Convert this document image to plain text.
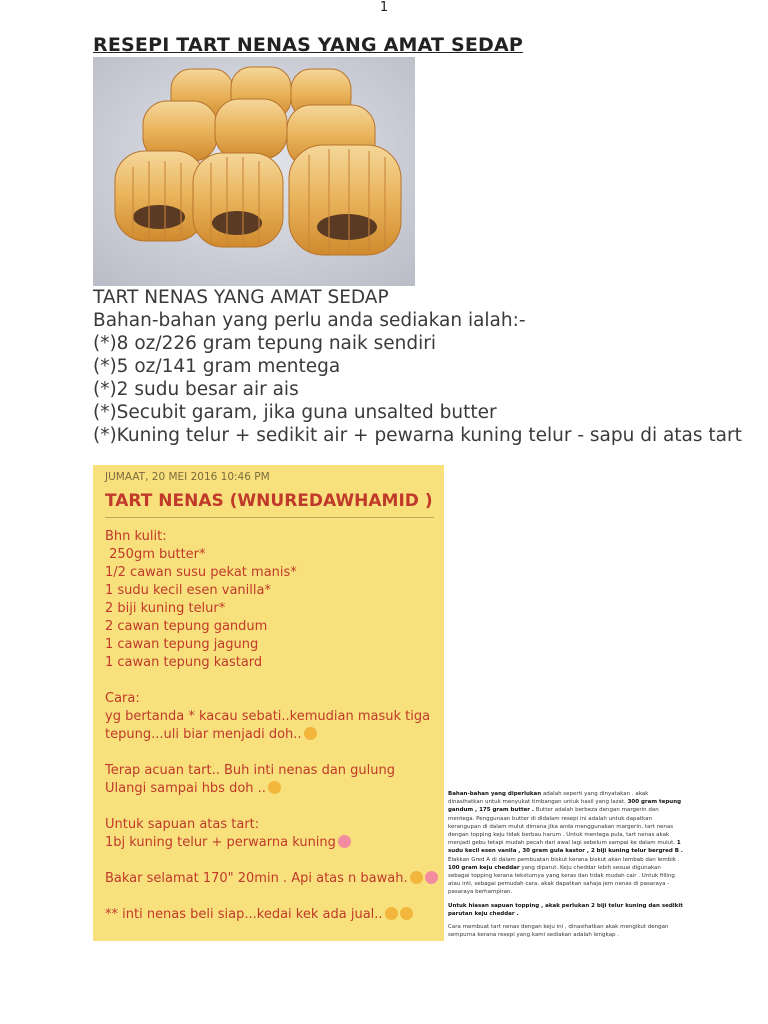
1
RESEPI TART NENAS YANG AMAT SEDAP
TART NENAS YANG AMAT SEDAP
Bahan-bahan yang perlu anda sediakan ialah:-
(*)8 oz/226 gram tepung naik sendiri
(*)5 oz/141 gram mentega
(*)2 sudu besar air ais
(*)Secubit garam, jika guna unsalted butter
(*)Kuning telur + sedikit air + pewarna kuning telur - sapu di atas tart
JUMAAT, 20 MEI 2016 10:46 PM
TART NENAS (WNUREDAWHAMID )
Bhn kulit:
250gm butter*
1/2 cawan susu pekat manis*
1 sudu kecil esen vanilla*
2 biji kuning telur*
2 cawan tepung gandum
1 cawan tepung jagung
1 cawan tepung kastard
Cara:
yg bertanda * kacau sebati..kemudian masuk tiga
tepung...uli biar menjadi doh..
Terap acuan tart.. Buh inti nenas dan gulung
Ulangi sampai hbs doh ..
Untuk sapuan atas tart:
1bj kuning telur + perwarna kuning
Bakar selamat 170" 20min . Api atas n bawah.
** inti nenas beli siap...kedai kek ada jual..

Bahan-bahan yang diperlukan adalah seperti yang dinyatakan . akak dinasihatkan untuk menyukat timbangan untuk hasil yang lazat. 300 gram tepung gandum , 175 gram butter . Butter adalah berbeza dengan margerin dan mentega. Penggunaan butter di didalam resepi ini adalah untuk dapatkan kerangupan di dalam mulut dimana jika anda menggunakan margerin, tart nenas dengan topping keju tidak berbau harum . Untuk mentega pula, tart nenas akak menjadi gebu tetapi mudah pecah dari awal lagi sebelum sampai ke dalam mulut. 1 sudu kecil esen vanila , 30 gram gula kastor , 2 biji kuning telur bergred B . Elakkan Gred A di dalam pembuatan biskut kerana biskut akan lembab dan lembik . 100 gram keju cheddar yang diparut. Keju cheddar lebih sesuai digunakan sebagai topping kerana teksturnya yang keras dan tidak mudah cair . Untuk filling atau inti, sebagai pemudah cara, akak dapatkan sahaja jem nenas di pasaraya - pasaraya berhampiran.

Untuk hiasan sapuan topping , akak perlukan 2 biji telur kuning dan sedikit parutan keju cheddar .

Cara membuat tart nenas dengan keju ini , dinasihatkan akak mengikut dengan sempurna kerana resepi yang kami sediakan adalah lengkap .
